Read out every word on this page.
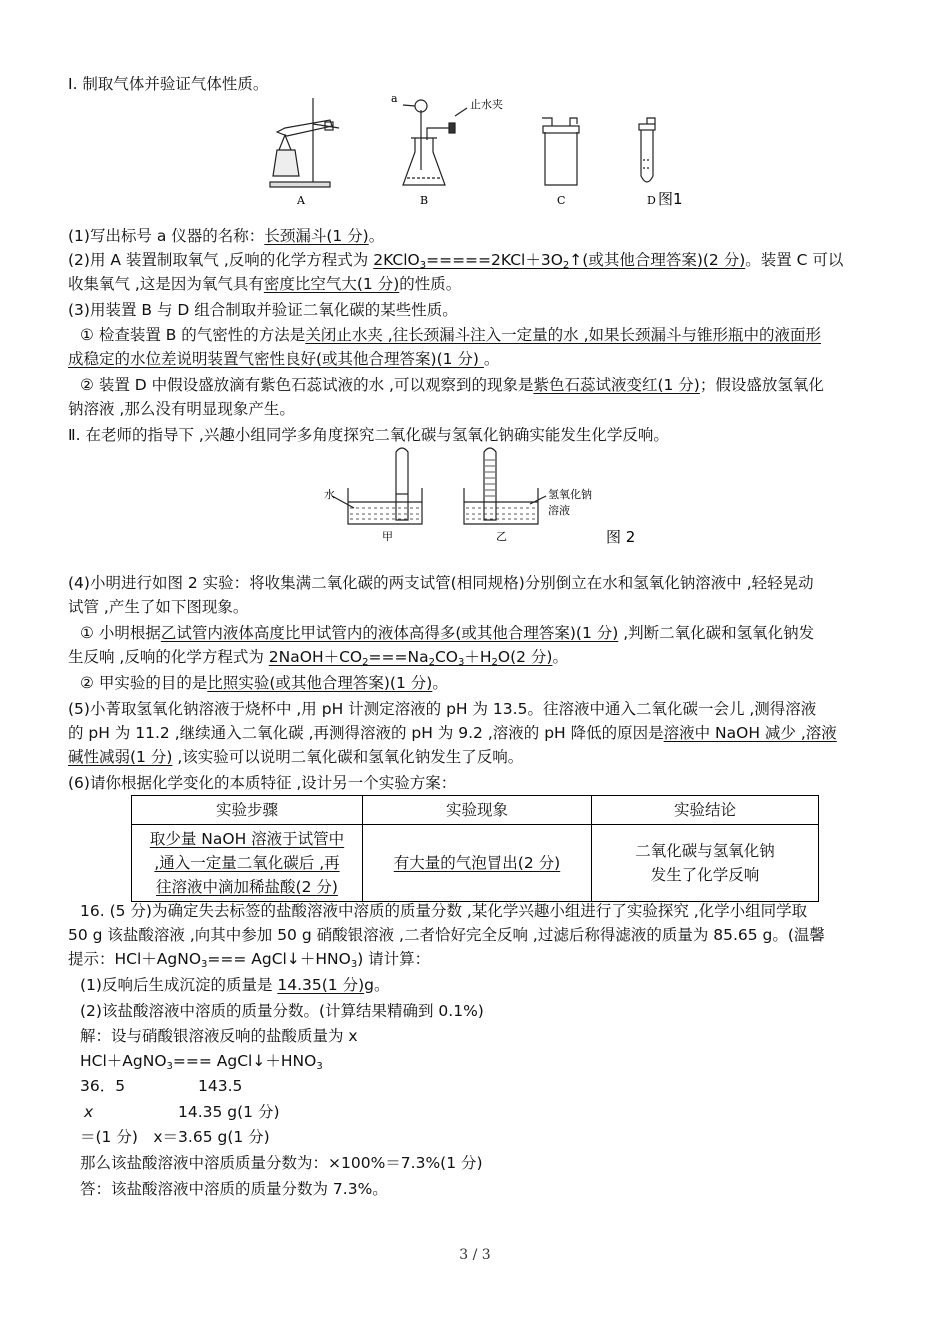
Ⅰ. 制取气体并验证气体性质。
a	止水夹
A	B	C	D 图1
(1)写出标号 a 仪器的名称：长颈漏斗(1 分)。
(2)用 A 装置制取氧气 ,反响的化学方程式为 $2KClO_3=====2KCl+3O_2↑$(或其他合理答案)(2 分)。装置 C 可以
收集氧气 ,这是因为氧气具有密度比空气大(1 分)的性质。
(3)用装置 B 与 D 组合制取并验证二氧化碳的某些性质。
① 检查装置 B 的气密性的方法是关闭止水夹 ,往长颈漏斗注入一定量的水 ,如果长颈漏斗与锥形瓶中的液面形
成稳定的水位差说明装置气密性良好(或其他合理答案)(1 分) 。
② 装置 D 中假设盛放滴有紫色石蕊试液的水 ,可以观察到的现象是紫色石蕊试液变红(1 分)；假设盛放氢氧化
钠溶液 ,那么没有明显现象产生。
Ⅱ. 在老师的指导下 ,兴趣小组同学多角度探究二氧化碳与氢氧化钠确实能发生化学反响。
水	氢氧化钠
溶液
甲	乙	图 2
(4)小明进行如图 2 实验：将收集满二氧化碳的两支试管(相同规格)分别倒立在水和氢氧化钠溶液中 ,轻轻晃动
试管 ,产生了如下图现象。
① 小明根据乙试管内液体高度比甲试管内的液体高得多(或其他合理答案)(1 分) ,判断二氧化碳和氢氧化钠发
生反响 ,反响的化学方程式为 $2NaOH+CO_2===Na_2CO_3+H_2O(2$ 分)。
② 甲实验的目的是比照实验(或其他合理答案)(1 分)。
(5)小菁取氢氧化钠溶液于烧杯中 ,用 pH 计测定溶液的 pH 为 13.5。往溶液中通入二氧化碳一会儿 ,测得溶液
的 pH 为 11.2 ,继续通入二氧化碳 ,再测得溶液的 pH 为 9.2 ,溶液的 pH 降低的原因是溶液中 NaOH 减少 ,溶液
碱性减弱(1 分) ,该实验可以说明二氧化碳和氢氧化钠发生了反响。
(6)请你根据化学变化的本质特征 ,设计另一个实验方案：
实验步骤	实验现象	实验结论
取少量 NaOH 溶液于试管中
,通入一定量二氧化碳后 ,再
往溶液中滴加稀盐酸(2 分)	有大量的气泡冒出(2 分)	二氧化碳与氢氧化钠
发生了化学反响
16. (5 分)为确定失去标签的盐酸溶液中溶质的质量分数 ,某化学兴趣小组进行了实验探究 ,化学小组同学取
50 g 该盐酸溶液 ,向其中参加 50 g 硝酸银溶液 ,二者恰好完全反响 ,过滤后称得滤液的质量为 85.65 g。(温馨
提示：HCl＋AgNO$_3$=== $AgCl↓+HNO_3$) 请计算：
(1)反响后生成沉淀的质量是 14.35(1 分)g。
(2)该盐酸溶液中溶质的质量分数。(计算结果精确到 0.1%)
解：设与硝酸银溶液反响的盐酸质量为 x
HCl＋AgNO$_3$=== $AgCl↓+HNO_3$
36．5	143.5
x	14.35 g(1 分)
＝(1 分)　x＝3.65 g(1 分)
那么该盐酸溶液中溶质质量分数为：×100%＝7.3%(1 分)
答：该盐酸溶液中溶质的质量分数为 7.3%。
3 / 3
